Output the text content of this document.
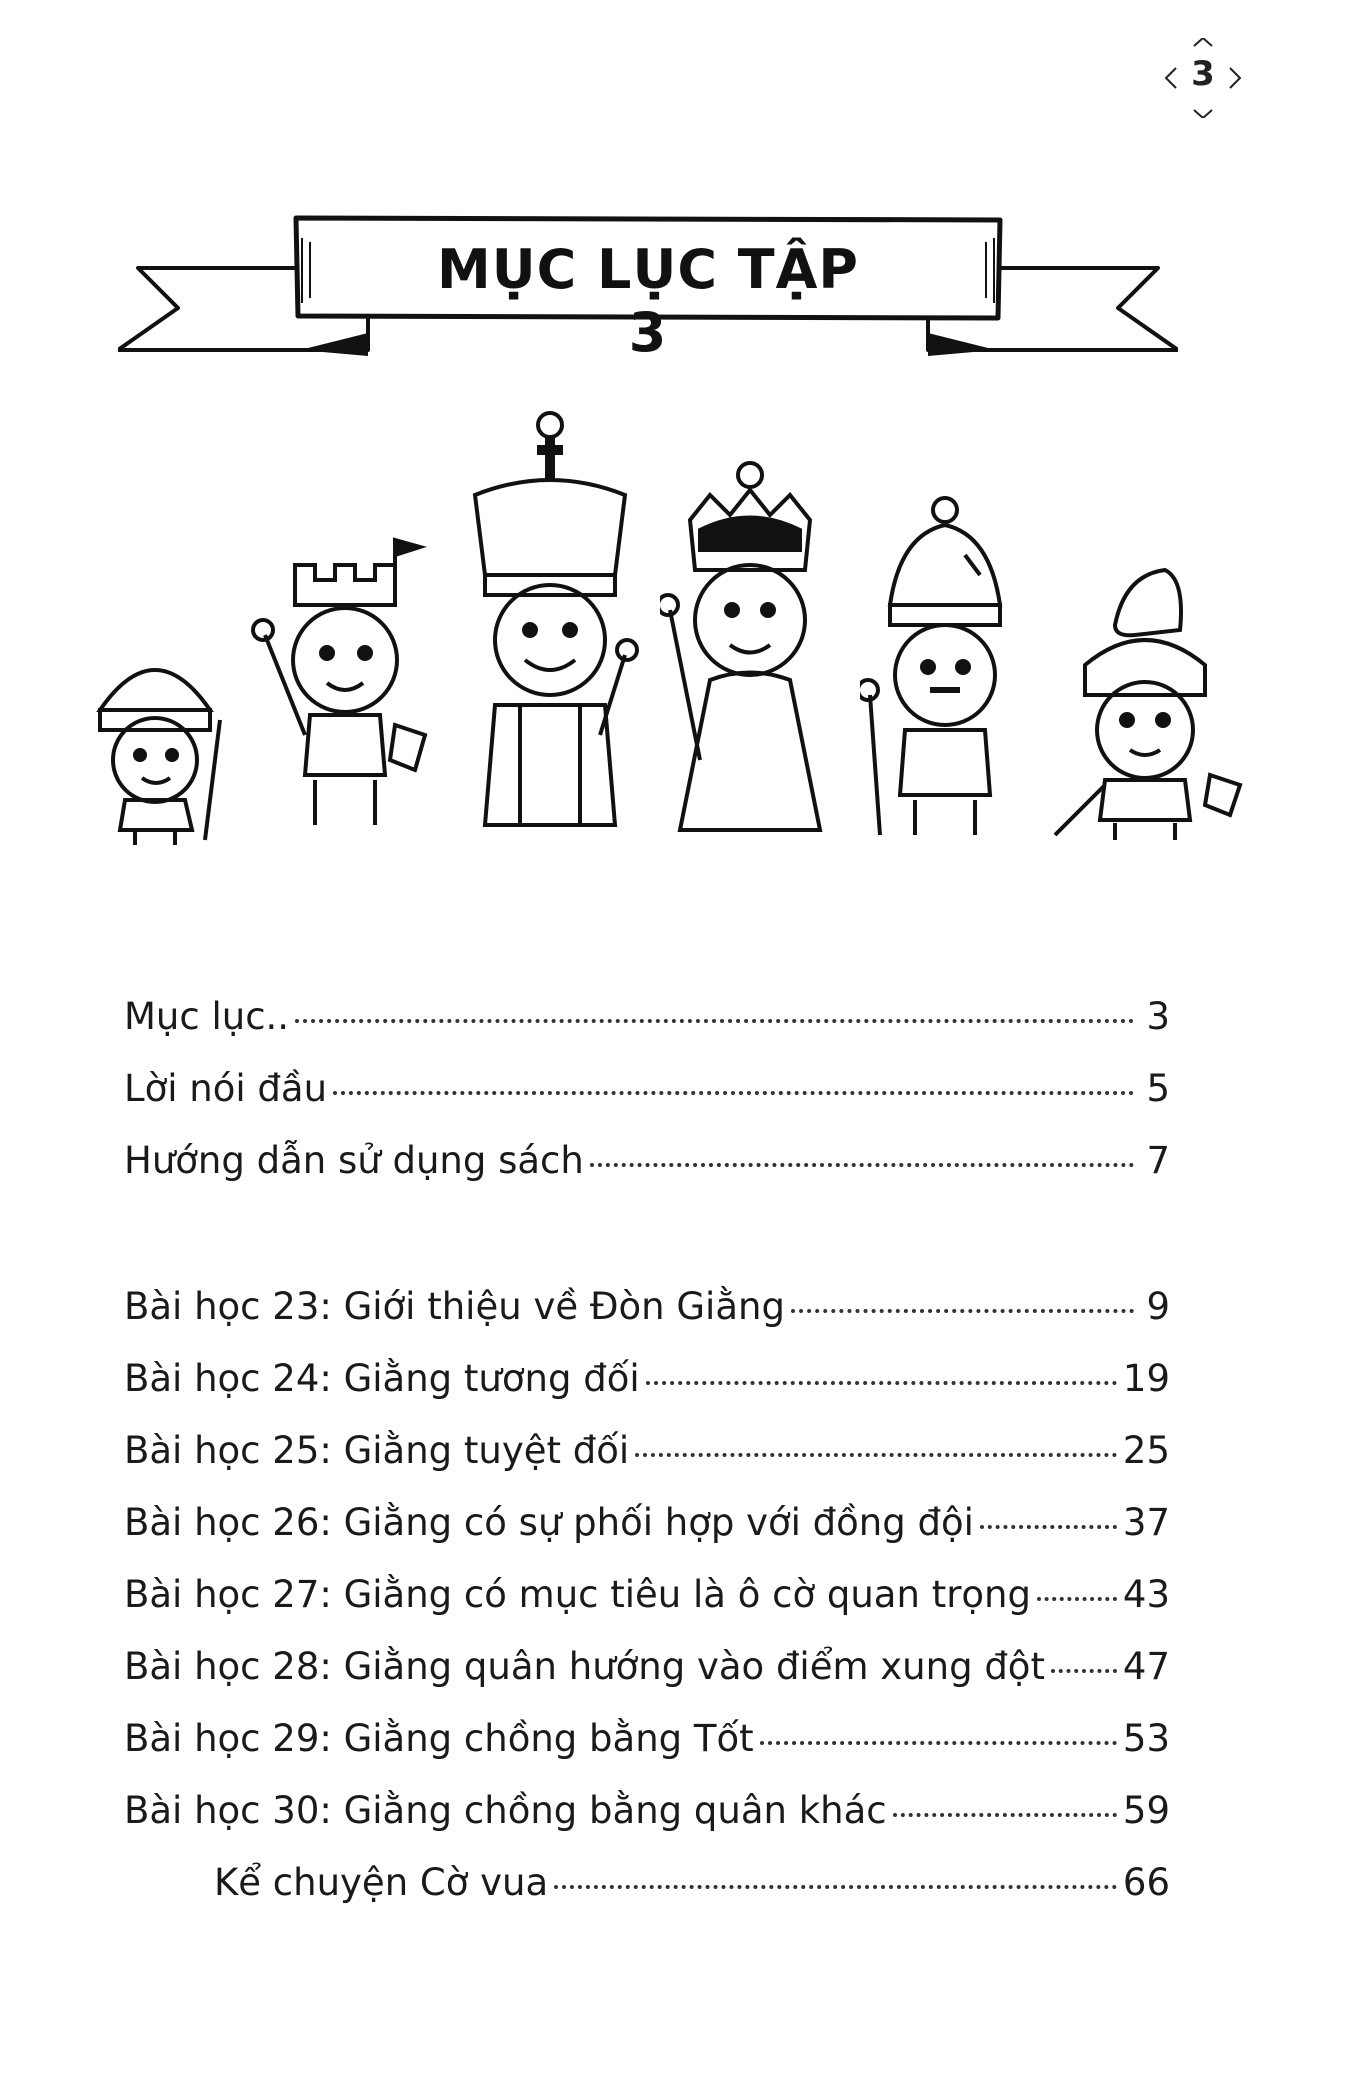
3
MỤC LỤC TẬP 3
Mục lục..	3
Lời nói đầu	5
Hướng dẫn sử dụng sách	7
Bài học 23: Giới thiệu về Đòn Giằng	9
Bài học 24: Giằng tương đối	19
Bài học 25: Giằng tuyệt đối	25
Bài học 26: Giằng có sự phối hợp với đồng đội	37
Bài học 27: Giằng có mục tiêu là ô cờ quan trọng 43
Bài học 28: Giằng quân hướng vào điểm xung đột 47
Bài học 29: Giằng chồng bằng Tốt	53
Bài học 30: Giằng chồng bằng quân khác	59
Kể chuyện Cờ vua	66
